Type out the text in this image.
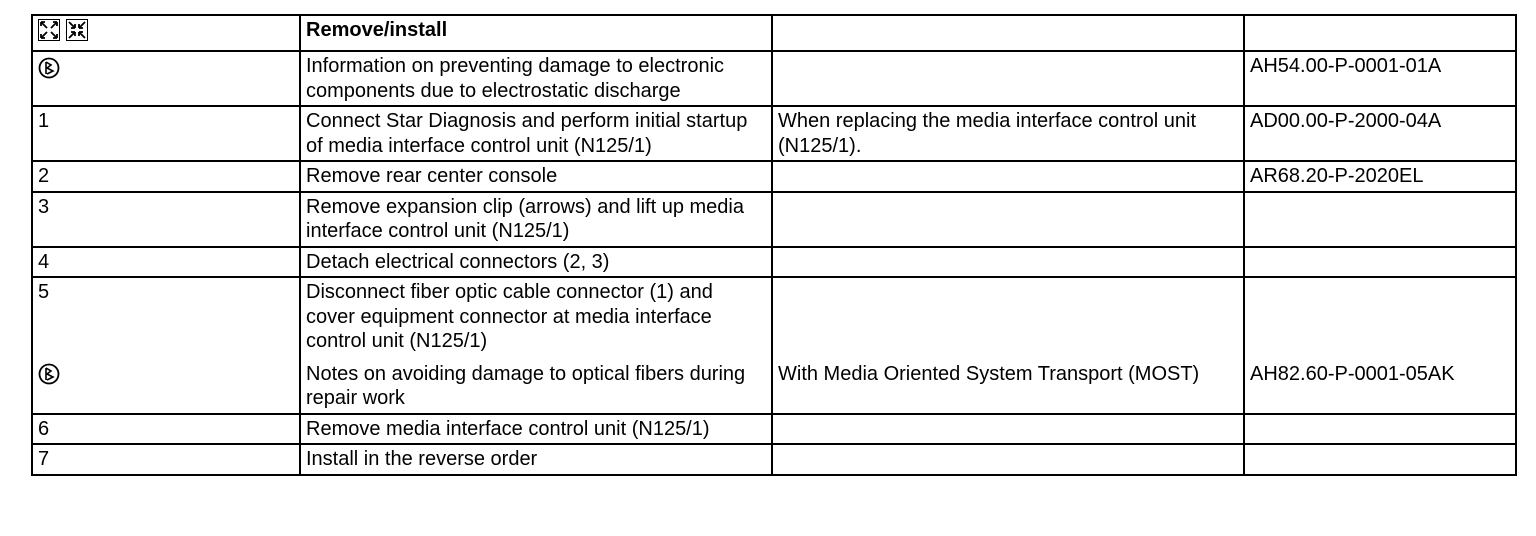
	Remove/install		
	Information on preventing damage to electronic components due to electrostatic discharge		AH54.00-P-0001-01A
1	Connect Star Diagnosis and perform initial startup of media interface control unit (N125/1)	When replacing the media interface control unit (N125/1).	AD00.00-P-2000-04A
2	Remove rear center console		AR68.20-P-2020EL
3	Remove expansion clip (arrows) and lift up media interface control unit (N125/1)		
4	Detach electrical connectors (2, 3)		

5	Disconnect fiber optic cable connector (1) and cover equipment connector at media interface control unit (N125/1)
Notes on avoiding damage to optical fibers during repair work	With Media Oriented System Transport (MOST)	AH82.60-P-0001-05AK

6	Remove media interface control unit (N125/1)		
7	Install in the reverse order		
